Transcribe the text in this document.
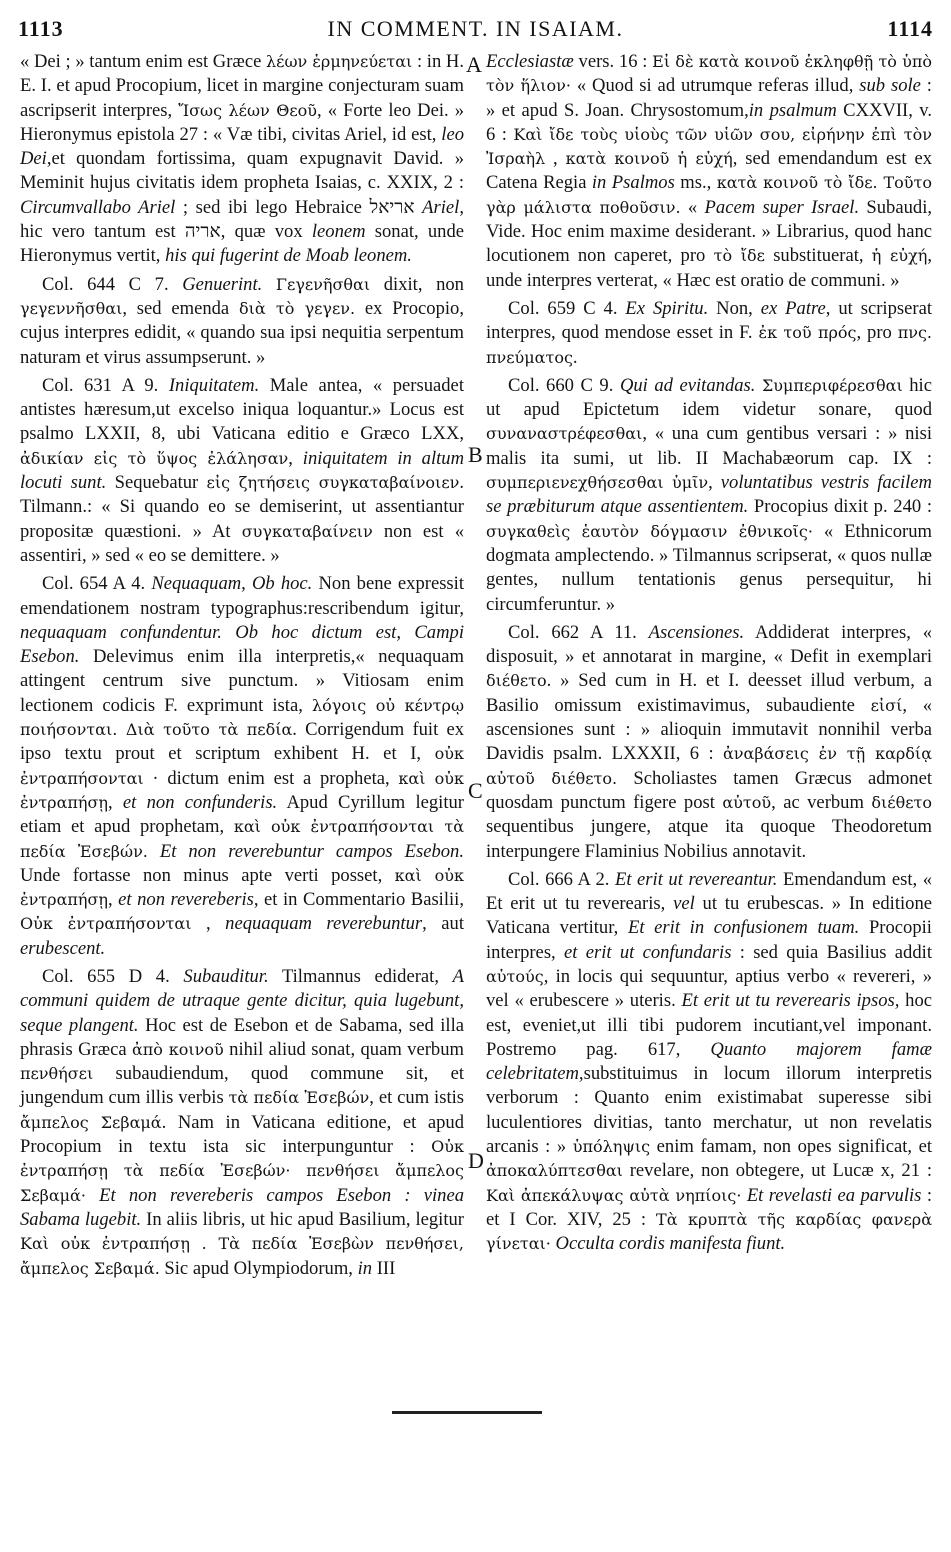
1113	IN COMMENT. IN ISAIAM.	1114

« Dei ; » tantum enim est Græce λέων ἑρμηνεύεται : in H. E. I. et apud Procopium, licet in margine conjecturam suam ascripserit interpres, Ἴσως λέων Θεοῦ, « Forte leo Dei. » Hieronymus epistola 27 : « Væ tibi, civitas Ariel, id est, leo Dei,et quondam fortissima, quam expugnavit David. » Meminit hujus civitatis idem propheta Isaias, c. XXIX, 2 : Circumvallabo Ariel ; sed ibi lego Hebraice אריאל Ariel, hic vero tantum est אריה, quæ vox leonem sonat, unde Hieronymus vertit, his qui fugerint de Moab leonem.

Col. 644 C 7. Genuerint. Γεγενῆσθαι dixit, non γεγεννῆσθαι, sed emenda διὰ τὸ γεγεν. ex Procopio, cujus interpres edidit, « quando sua ipsi nequitia serpentum naturam et virus assumpserunt. »

Col. 631 A 9. Iniquitatem. Male antea, « persuadet antistes hæresum,ut excelso iniqua loquantur.» Locus est psalmo LXXII, 8, ubi Vaticana editio e Græco LXX, ἀδικίαν εἰς τὸ ὕψος ἐλάλησαν, iniquitatem in altum locuti sunt. Sequebatur εἰς ζητήσεις συγκαταβαίνοιεν. Tilmann.: « Si quando eo se demiserint, ut assentiantur propositæ quæstioni. » At συγκαταβαίνειν non est « assentiri, » sed « eo se demittere. »

Col. 654 A 4. Nequaquam, Ob hoc. Non bene expressit emendationem nostram typographus:rescribendum igitur, nequaquam confundentur. Ob hoc dictum est, Campi Esebon. Delevimus enim illa interpretis,« nequaquam attingent centrum sive punctum. » Vitiosam enim lectionem codicis F. exprimunt ista, λόγοις οὐ κέντρῳ ποιήσονται. Διὰ τοῦτο τὰ πεδία. Corrigendum fuit ex ipso textu prout et scriptum exhibent H. et I, οὐκ ἐντραπήσονται · dictum enim est a propheta, καὶ οὐκ ἐντραπήσῃ, et non confunderis. Apud Cyrillum legitur etiam et apud prophetam, καὶ οὐκ ἐντραπήσονται τὰ πεδία Ἐσεβών. Et non reverebuntur campos Esebon. Unde fortasse non minus apte verti posset, καὶ οὐκ ἐντραπήσῃ, et non revereberis, et in Commentario Basilii, Οὐκ ἐντραπήσονται , nequaquam reverebuntur, aut erubescent.

Col. 655 D 4. Subauditur. Tilmannus ediderat, A communi quidem de utraque gente dicitur, quia lugebunt, seque plangent. Hoc est de Esebon et de Sabama, sed illa phrasis Græca ἀπὸ κοινοῦ nihil aliud sonat, quam verbum πενθήσει subaudiendum, quod commune sit, et jungendum cum illis verbis τὰ πεδία Ἐσεβών, et cum istis ἄμπελος Σεβαμά. Nam in Vaticana editione, et apud Procopium in textu ista sic interpunguntur : Οὐκ ἐντραπήσῃ τὰ πεδία Ἐσεβών· πενθήσει ἄμπελος Σεβαμά· Et non revereberis campos Esebon : vinea Sabama lugebit. In aliis libris, ut hic apud Basilium, legitur Καὶ οὐκ ἐντραπήσῃ . Τὰ πεδία Ἐσεβὼν πενθήσει, ἄμπελος Σεβαμά. Sic apud Olympiodorum, in III

Ecclesiastæ vers. 16 : Εἰ δὲ κατὰ κοινοῦ ἐκληφθῇ τὸ ὑπὸ τὸν ἥλιον· « Quod si ad utrumque referas illud, sub sole : » et apud S. Joan. Chrysostomum,in psalmum CXXVII, v. 6 : Καὶ ἴδε τοὺς υἱοὺς τῶν υἱῶν σου, εἰρήνην ἐπὶ τὸν Ἰσραὴλ , κατὰ κοινοῦ ἡ εὐχή, sed emendandum est ex Catena Regia in Psalmos ms., κατὰ κοινοῦ τὸ ἴδε. Τοῦτο γὰρ μάλιστα ποθοῦσιν. « Pacem super Israel. Subaudi, Vide. Hoc enim maxime desiderant. » Librarius, quod hanc locutionem non caperet, pro τὸ ἴδε substituerat, ἡ εὐχή, unde interpres verterat, « Hæc est oratio de communi. »

Col. 659 C 4. Ex Spiritu. Non, ex Patre, ut scripserat interpres, quod mendose esset in F. ἐκ τοῦ πρός, pro πνς. πνεύματος.

Col. 660 C 9. Qui ad evitandas. Συμπεριφέρεσθαι hic ut apud Epictetum idem videtur sonare, quod συναναστρέφεσθαι, « una cum gentibus versari : » nisi malis ita sumi, ut lib. II Machabæorum cap. IX : συμπεριενεχθήσεσθαι ὑμῖν, voluntatibus vestris facilem se præbiturum atque assentientem. Procopius dixit p. 240 : συγκαθεὶς ἑαυτὸν δόγμασιν ἐθνικοῖς· « Ethnicorum dogmata amplectendo. » Tilmannus scripserat, « quos nullæ gentes, nullum tentationis genus persequitur, hi circumferuntur. »

Col. 662 A 11. Ascensiones. Addiderat interpres, « disposuit, » et annotarat in margine, « Defit in exemplari διέθετο. » Sed cum in H. et I. deesset illud verbum, a Basilio omissum existimavimus, subaudiente εἰσί, « ascensiones sunt : » alioquin immutavit nonnihil verba Davidis psalm. LXXXII, 6 : ἀναβάσεις ἐν τῇ καρδίᾳ αὐτοῦ διέθετο. Scholiastes tamen Græcus admonet quosdam punctum figere post αὐτοῦ, ac verbum διέθετο sequentibus jungere, atque ita quoque Theodoretum interpungere Flaminius Nobilius annotavit.

Col. 666 A 2. Et erit ut revereantur. Emendandum est, « Et erit ut tu reverearis, vel ut tu erubescas. » In editione Vaticana vertitur, Et erit in confusionem tuam. Procopii interpres, et erit ut confundaris : sed quia Basilius addit αὐτούς, in locis qui sequuntur, aptius verbo « revereri, » vel « erubescere » uteris. Et erit ut tu reverearis ipsos, hoc est, eveniet,ut illi tibi pudorem incutiant,vel imponant. Postremo pag. 617, Quanto majorem famæ celebritatem,substituimus in locum illorum interpretis verborum : Quanto enim existimabat superesse sibi luculentiores divitias, tanto merchatur, ut non revelatis arcanis : » ὑπόληψις enim famam, non opes significat, et ἀποκαλύπτεσθαι revelare, non obtegere, ut Lucæ x, 21 : Καὶ ἀπεκάλυψας αὐτὰ νηπίοις· Et revelasti ea parvulis : et I Cor. XIV, 25 : Τὰ κρυπτὰ τῆς καρδίας φανερὰ γίνεται· Occulta cordis manifesta fiunt.

A
B
C
D
